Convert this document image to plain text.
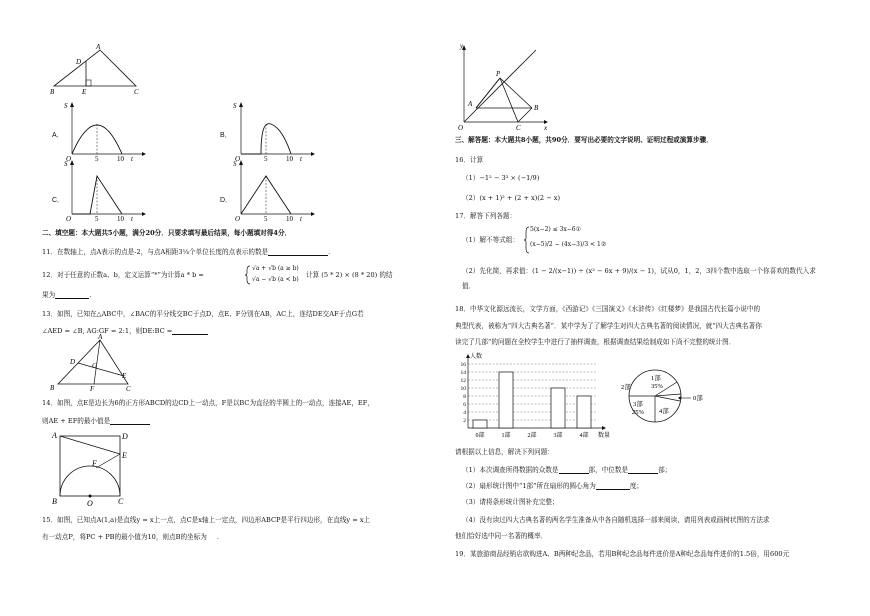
A
D
B	E	C
A．
S
O	5	10 t
B．
S
O	5	10 t
C．
S
O	5	10 t
D．
S
O	5	10 t
二、填空题：本大题共5小题，满分20分．只要求填写最后结果，每小题填对得4分．
11．在数轴上，点A表示的点是-2，与点A相距3¼个单位长度的点表示的数是	.
12．对于任意的正数a、b，定义运算“*”为计算a * b =
√a + √b (a ≥ b)
√a − √b (a < b)
计算 (5 * 2) × (8 * 20) 的结
果为	.
13．如图，已知在△ABC中，∠BAC的平分线交BC于点D，点E、F分别在AB，AC上，连结DE交AF于点G若
∠AED = ∠B, AG:GF = 2:1，则DE:BC =
A
D G
E
B	F	C
14．如图，点E是边长为6的正方形ABCD的边CD上一动点，F是以BC为直径的半圆上的一动点，连接AE，EF，
则AE + EF的最小值是
A	D
E
F
B	O	C
15．如图，已知点A(1,a)是直线y = x上一点，点C是x轴上一定点，四边形ABCP是平行四边形，在直线y = x上
有一动点P，将PC + PB的最小值为10，则点B的坐标为 .
y
P
A	B
O	C	x
三、解答题：本大题共8小题，共90分．要写出必要的文字说明、证明过程或演算步骤．
16．计算
（1）−1² − 3³ × (−1/9)
（2）(x + 1)² + (2 + x)(2 − x)
17．解答下列各题：
（1）解不等式组：
5(x−2) ≤ 3x−6①
(x−5)/2 − (4x−3)/3 < 1②
（2）先化简，再求值：(1 − 2/(x−1)) ÷ (x² − 6x + 9)/(x − 1)，试从0，1，2，3四个数中选取一个你喜欢的数代入求
值．
18．中华文化源远流长，文学方面，《西游记》《三国演义》《水浒传》《红楼梦》是我国古代长篇小说中的
典型代表，被称为“四大古典名著”．某中学为了了解学生对四大古典名著的阅读情况，就“四大古典名著你
读完了几部”的问题在全校学生中进行了抽样调查，根据调查结果绘制成如下尚不完整的统计图．
2
4
6
8
10
12
14
16
人数
数量
0部	1部	2部	3部	4部
1部
35%
3部
25%
2部
4部
0部
请根据以上信息，解决下列问题：
（1）本次调查所得数据的众数是	部，中位数是	部；
（2）扇形统计图中“1部”所在扇形的圆心角为	度；
（3）请将条形统计图补充完整；
（4）没有读过四大古典名著的两名学生准备从中各自随机选择一部来阅读，请用列表或画树状图的方法求
他们恰好选中同一名著的概率．
19．某旅游商品经销店欲购进A、B两种纪念品，若用B种纪念品每件进价是A种纪念品每件进价的1.5倍，用600元
